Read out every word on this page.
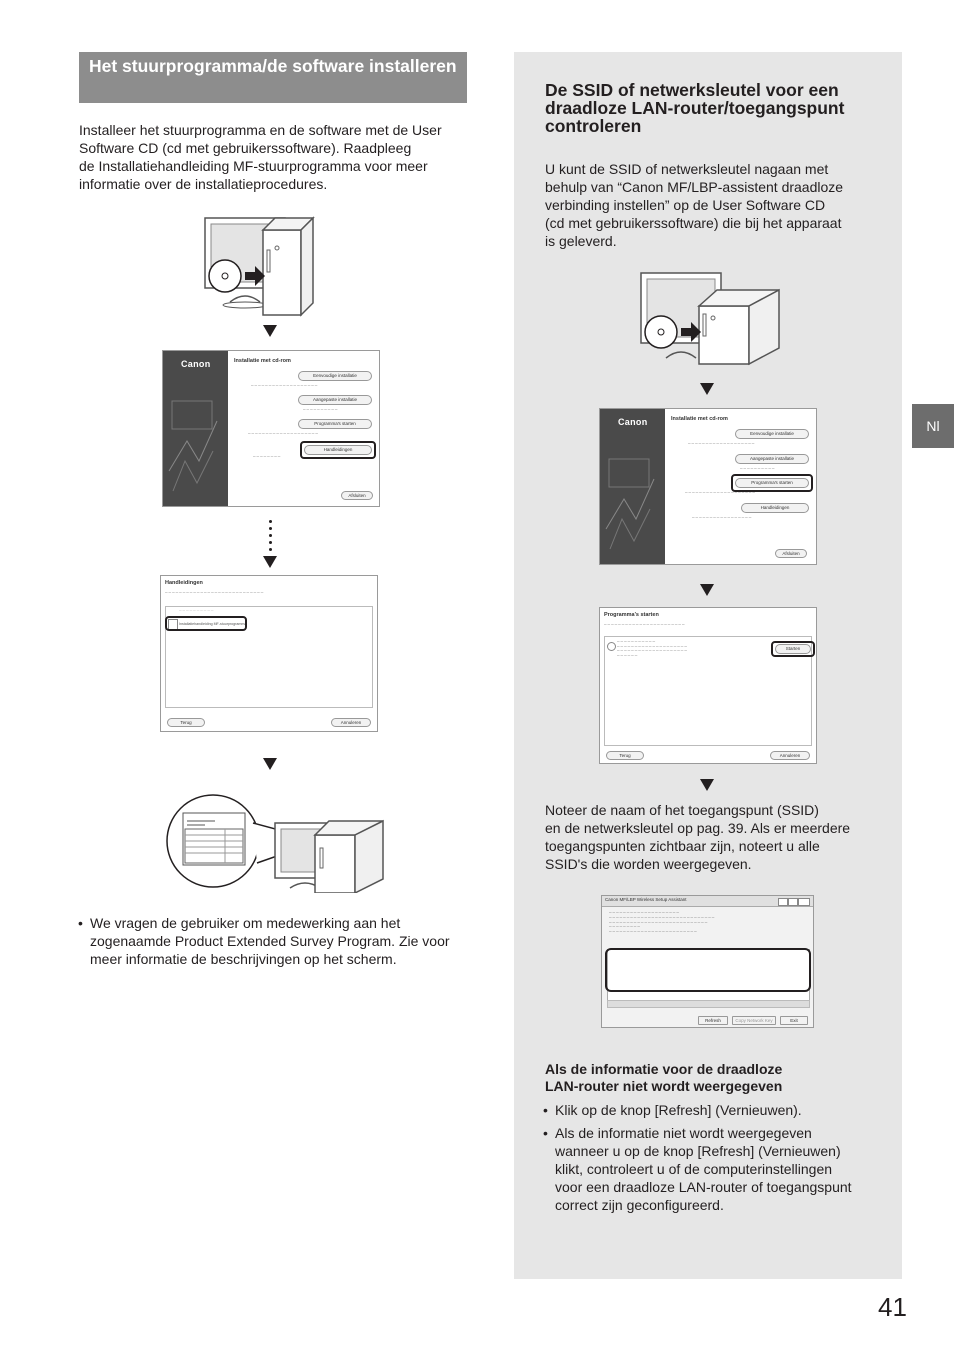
Het stuurprogramma/de software installeren
Installeer het stuurprogramma en de software met de User
Software CD (cd met gebruikerssoftware). Raadpleeg
de Installatiehandleiding MF-stuurprogramma voor meer
informatie over de installatieprocedures.
Canon	Installatie met cd-rom
Eenvoudige installatie
─ ─ ─ ─ ─ ─ ─ ─ ─ ─ ─ ─ ─ ─ ─ ─ ─ ─ ─
Aangepaste installatie
─ ─ ─ ─ ─ ─ ─ ─ ─ ─
Programma's starten
─ ─ ─ ─ ─ ─ ─ ─ ─ ─ ─ ─ ─ ─ ─ ─ ─ ─ ─ ─
Handleidingen
─ ─ ─ ─ ─ ─ ─ ─
Afsluiten
Handleidingen
─ ─ ─ ─ ─ ─ ─ ─ ─ ─ ─ ─ ─ ─ ─ ─ ─ ─ ─ ─ ─ ─ ─ ─ ─ ─ ─ ─
─ ─ ─ ─ ─ ─ ─ ─ ─ ─
Installatiehandleiding MF-stuurprogramma
Terug	Annuleren
• We vragen de gebruiker om medewerking aan het
zogenaamde Product Extended Survey Program. Zie voor
meer informatie de beschrijvingen op het scherm.
De SSID of netwerksleutel voor een
draadloze LAN-router/toegangspunt
controleren
U kunt de SSID of netwerksleutel nagaan met
behulp van “Canon MF/LBP-assistent draadloze
verbinding instellen” op de User Software CD
(cd met gebruikerssoftware) die bij het apparaat
is geleverd.
Canon	Installatie met cd-rom
Eenvoudige installatie
─ ─ ─ ─ ─ ─ ─ ─ ─ ─ ─ ─ ─ ─ ─ ─ ─ ─ ─
Aangepaste installatie
─ ─ ─ ─ ─ ─ ─ ─ ─ ─
Programma's starten
─ ─ ─ ─ ─ ─ ─ ─ ─ ─ ─ ─ ─ ─ ─ ─ ─ ─ ─ ─
Handleidingen
─ ─ ─ ─ ─ ─ ─ ─ ─ ─ ─ ─ ─ ─ ─ ─ ─
Afsluiten
Programma's starten
─ ─ ─ ─ ─ ─ ─ ─ ─ ─ ─ ─ ─ ─ ─ ─ ─ ─ ─ ─ ─ ─ ─
─ ─ ─ ─ ─ ─ ─ ─ ─ ─ ─
─ ─ ─ ─ ─ ─ ─ ─ ─ ─ ─ ─ ─ ─ ─ ─ ─ ─ ─ ─
─ ─ ─ ─ ─ ─ ─ ─ ─ ─ ─ ─ ─ ─ ─ ─ ─ ─ ─ ─
─ ─ ─ ─ ─ ─
Starten
Terug	Annuleren
Noteer de naam of het toegangspunt (SSID)
en de netwerksleutel op pag. 39. Als er meerdere
toegangspunten zichtbaar zijn, noteert u alle
SSID's die worden weergegeven.
Canon MF/LBP Wireless Setup Assistant
─ ─ ─ ─ ─ ─ ─ ─ ─ ─ ─ ─ ─ ─ ─ ─ ─ ─ ─ ─
─ ─ ─ ─ ─ ─ ─ ─ ─ ─ ─ ─ ─ ─ ─ ─ ─ ─ ─ ─ ─ ─ ─ ─ ─ ─ ─ ─ ─ ─
─ ─ ─ ─ ─ ─ ─ ─ ─ ─ ─ ─ ─ ─ ─ ─ ─ ─ ─ ─ ─ ─ ─ ─ ─ ─ ─ ─
─ ─ ─ ─ ─ ─ ─ ─ ─
─ ─ ─ ─ ─ ─ ─ ─ ─ ─ ─ ─ ─ ─ ─ ─ ─ ─ ─ ─ ─ ─ ─ ─ ─
Refresh	Copy Network Key	Exit
Als de informatie voor de draadloze
LAN-router niet wordt weergegeven
• Klik op de knop [Refresh] (Vernieuwen).
• Als de informatie niet wordt weergegeven
wanneer u op de knop [Refresh] (Vernieuwen)
klikt, controleert u of de computerinstellingen
voor een draadloze LAN-router of toegangspunt
correct zijn geconfigureerd.
Nl
41
